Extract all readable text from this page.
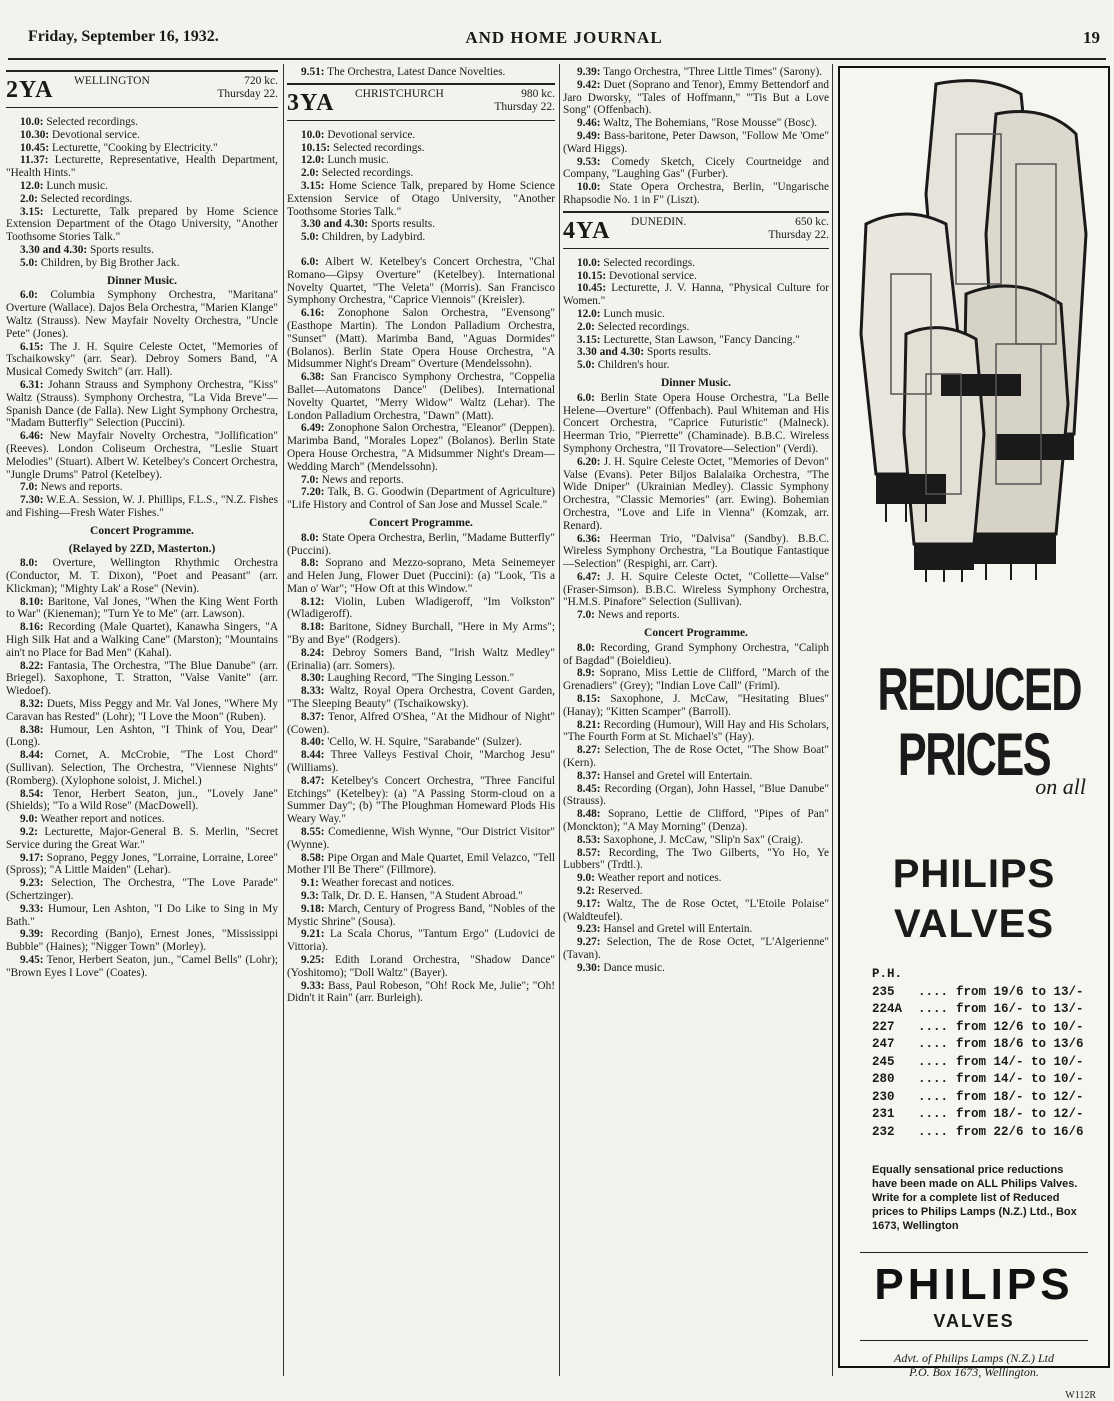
Friday, September 16, 1932.	AND HOME JOURNAL	19
2YA	WELLINGTON	720 kc.
Thursday 22.

10.0: Selected recordings.

10.30: Devotional service.

10.45: Lecturette, "Cooking by Electricity."

11.37: Lecturette, Representative, Health Department, "Health Hints."

12.0: Lunch music.

2.0: Selected recordings.

3.15: Lecturette, Talk prepared by Home Science Extension Department of the Otago University, "Another Toothsome Stories Talk."

3.30 and 4.30: Sports results.

5.0: Children, by Big Brother Jack.

Dinner Music.

6.0: Columbia Symphony Orchestra, "Maritana" Overture (Wallace). Dajos Bela Orchestra, "Marien Klange" Waltz (Strauss). New Mayfair Novelty Orchestra, "Uncle Pete" (Jones).

6.15: The J. H. Squire Celeste Octet, "Memories of Tschaikowsky" (arr. Sear). Debroy Somers Band, "A Musical Comedy Switch" (arr. Hall).

6.31: Johann Strauss and Symphony Orchestra, "Kiss" Waltz (Strauss). Symphony Orchestra, "La Vida Breve"—Spanish Dance (de Falla). New Light Symphony Orchestra, "Madam Butterfly" Selection (Puccini).

6.46: New Mayfair Novelty Orchestra, "Jollification" (Reeves). London Coliseum Orchestra, "Leslie Stuart Melodies" (Stuart). Albert W. Ketelbey's Concert Orchestra, "Jungle Drums" Patrol (Ketelbey).

7.0: News and reports.

7.30: W.E.A. Session, W. J. Phillips, F.L.S., "N.Z. Fishes and Fishing—Fresh Water Fishes."

Concert Programme.
(Relayed by 2ZD, Masterton.)

8.0: Overture, Wellington Rhythmic Orchestra (Conductor, M. T. Dixon), "Poet and Peasant" (arr. Klickman); "Mighty Lak' a Rose" (Nevin).

8.10: Baritone, Val Jones, "When the King Went Forth to War" (Kieneman); "Turn Ye to Me" (arr. Lawson).

8.16: Recording (Male Quartet), Kanawha Singers, "A High Silk Hat and a Walking Cane" (Marston); "Mountains ain't no Place for Bad Men" (Kahal).

8.22: Fantasia, The Orchestra, "The Blue Danube" (arr. Briegel). Saxophone, T. Stratton, "Valse Vanite" (arr. Wiedoef).

8.32: Duets, Miss Peggy and Mr. Val Jones, "Where My Caravan has Rested" (Lohr); "I Love the Moon" (Ruben).

8.38: Humour, Len Ashton, "I Think of You, Dear" (Long).

8.44: Cornet, A. McCrobie, "The Lost Chord" (Sullivan). Selection, The Orchestra, "Viennese Nights" (Romberg). (Xylophone soloist, J. Michel.)

8.54: Tenor, Herbert Seaton, jun., "Lovely Jane" (Shields); "To a Wild Rose" (MacDowell).

9.0: Weather report and notices.

9.2: Lecturette, Major-General B. S. Merlin, "Secret Service during the Great War."

9.17: Soprano, Peggy Jones, "Lorraine, Lorraine, Loree" (Spross); "A Little Maiden" (Lehar).

9.23: Selection, The Orchestra, "The Love Parade" (Schertzinger).

9.33: Humour, Len Ashton, "I Do Like to Sing in My Bath."

9.39: Recording (Banjo), Ernest Jones, "Mississippi Bubble" (Haines); "Nigger Town" (Morley).

9.45: Tenor, Herbert Seaton, jun., "Camel Bells" (Lohr); "Brown Eyes I Love" (Coates).

9.51: The Orchestra, Latest Dance Novelties.

3YA	CHRISTCHURCH	980 kc.
Thursday 22.

10.0: Devotional service.

10.15: Selected recordings.

12.0: Lunch music.

2.0: Selected recordings.

3.15: Home Science Talk, prepared by Home Science Extension Service of Otago University, "Another Toothsome Stories Talk."

3.30 and 4.30: Sports results.

5.0: Children, by Ladybird.

6.0: Albert W. Ketelbey's Concert Orchestra, "Chal Romano—Gipsy Overture" (Ketelbey). International Novelty Quartet, "The Veleta" (Morris). San Francisco Symphony Orchestra, "Caprice Viennois" (Kreisler).

6.16: Zonophone Salon Orchestra, "Evensong" (Easthope Martin). The London Palladium Orchestra, "Sunset" (Matt). Marimba Band, "Aguas Dormides" (Bolanos). Berlin State Opera House Orchestra, "A Midsummer Night's Dream" Overture (Mendelssohn).

6.38: San Francisco Symphony Orchestra, "Coppelia Ballet—Automatons Dance" (Delibes). International Novelty Quartet, "Merry Widow" Waltz (Lehar). The London Palladium Orchestra, "Dawn" (Matt).

6.49: Zonophone Salon Orchestra, "Eleanor" (Deppen). Marimba Band, "Morales Lopez" (Bolanos). Berlin State Opera House Orchestra, "A Midsummer Night's Dream—Wedding March" (Mendelssohn).

7.0: News and reports.

7.20: Talk, B. G. Goodwin (Department of Agriculture) "Life History and Control of San Jose and Mussel Scale."

Concert Programme.

8.0: State Opera Orchestra, Berlin, "Madame Butterfly" (Puccini).

8.8: Soprano and Mezzo-soprano, Meta Seinemeyer and Helen Jung, Flower Duet (Puccini): (a) "Look, 'Tis a Man o' War"; "How Oft at this Window."

8.12: Violin, Luben Wladigeroff, "Im Volkston" (Wladigeroff).

8.18: Baritone, Sidney Burchall, "Here in My Arms"; "By and Bye" (Rodgers).

8.24: Debroy Somers Band, "Irish Waltz Medley" (Erinalia) (arr. Somers).

8.30: Laughing Record, "The Singing Lesson."

8.33: Waltz, Royal Opera Orchestra, Covent Garden, "The Sleeping Beauty" (Tschaikowsky).

8.37: Tenor, Alfred O'Shea, "At the Midhour of Night" (Cowen).

8.40: 'Cello, W. H. Squire, "Sarabande" (Sulzer).

8.44: Three Valleys Festival Choir, "Marchog Jesu" (Williams).

8.47: Ketelbey's Concert Orchestra, "Three Fanciful Etchings" (Ketelbey): (a) "A Passing Storm-cloud on a Summer Day"; (b) "The Ploughman Homeward Plods His Weary Way."

8.55: Comedienne, Wish Wynne, "Our District Visitor" (Wynne).

8.58: Pipe Organ and Male Quartet, Emil Velazco, "Tell Mother I'll Be There" (Fillmore).

9.1: Weather forecast and notices.

9.3: Talk, Dr. D. E. Hansen, "A Student Abroad."

9.18: March, Century of Progress Band, "Nobles of the Mystic Shrine" (Sousa).

9.21: La Scala Chorus, "Tantum Ergo" (Ludovici de Vittoria).

9.25: Edith Lorand Orchestra, "Shadow Dance" (Yoshitomo); "Doll Waltz" (Bayer).

9.33: Bass, Paul Robeson, "Oh! Rock Me, Julie"; "Oh! Didn't it Rain" (arr. Burleigh).

9.39: Tango Orchestra, "Three Little Times" (Sarony).

9.42: Duet (Soprano and Tenor), Emmy Bettendorf and Jaro Dworsky, "Tales of Hoffmann," "'Tis But a Love Song" (Offenbach).

9.46: Waltz, The Bohemians, "Rose Mousse" (Bosc).

9.49: Bass-baritone, Peter Dawson, "Follow Me 'Ome" (Ward Higgs).

9.53: Comedy Sketch, Cicely Courtneidge and Company, "Laughing Gas" (Furber).

10.0: State Opera Orchestra, Berlin, "Ungarische Rhapsodie No. 1 in F" (Liszt).

4YA	DUNEDIN.	650 kc.
Thursday 22.

10.0: Selected recordings.

10.15: Devotional service.

10.45: Lecturette, J. V. Hanna, "Physical Culture for Women."

12.0: Lunch music.

2.0: Selected recordings.

3.15: Lecturette, Stan Lawson, "Fancy Dancing."

3.30 and 4.30: Sports results.

5.0: Children's hour.

Dinner Music.

6.0: Berlin State Opera House Orchestra, "La Belle Helene—Overture" (Offenbach). Paul Whiteman and His Concert Orchestra, "Caprice Futuristic" (Malneck). Heerman Trio, "Pierrette" (Chaminade). B.B.C. Wireless Symphony Orchestra, "Il Trovatore—Selection" (Verdi).

6.20: J. H. Squire Celeste Octet, "Memories of Devon" Valse (Evans). Peter Biljos Balalaika Orchestra, "The Wide Dniper" (Ukrainian Medley). Classic Symphony Orchestra, "Classic Memories" (arr. Ewing). Bohemian Orchestra, "Love and Life in Vienna" (Komzak, arr. Renard).

6.36: Heerman Trio, "Dalvisa" (Sandby). B.B.C. Wireless Symphony Orchestra, "La Boutique Fantastique—Selection" (Respighi, arr. Carr).

6.47: J. H. Squire Celeste Octet, "Collette—Valse" (Fraser-Simson). B.B.C. Wireless Symphony Orchestra, "H.M.S. Pinafore" Selection (Sullivan).

7.0: News and reports.

Concert Programme.

8.0: Recording, Grand Symphony Orchestra, "Caliph of Bagdad" (Boieldieu).

8.9: Soprano, Miss Lettie de Clifford, "March of the Grenadiers" (Grey); "Indian Love Call" (Friml).

8.15: Saxophone, J. McCaw, "Hesitating Blues" (Hanay); "Kitten Scamper" (Barroll).

8.21: Recording (Humour), Will Hay and His Scholars, "The Fourth Form at St. Michael's" (Hay).

8.27: Selection, The de Rose Octet, "The Show Boat" (Kern).

8.37: Hansel and Gretel will Entertain.

8.45: Recording (Organ), John Hassel, "Blue Danube" (Strauss).

8.48: Soprano, Lettie de Clifford, "Pipes of Pan" (Monckton); "A May Morning" (Denza).

8.53: Saxophone, J. McCaw, "Slip'n Sax" (Craig).

8.57: Recording, The Two Gilberts, "Yo Ho, Ye Lubbers" (Trdtl.).

9.0: Weather report and notices.

9.2: Reserved.

9.17: Waltz, The de Rose Octet, "L'Etoile Polaise" (Waldteufel).

9.23: Hansel and Gretel will Entertain.

9.27: Selection, The de Rose Octet, "L'Algerienne" (Tavan).

9.30: Dance music.

REDUCED
PRICES
on all
PHILIPS
VALVES
P.H.
235	.... from 19/6 to 13/-
224A	.... from 16/- to 13/-
227	.... from 12/6 to 10/-
247	.... from 18/6 to 13/6
245	.... from 14/- to 10/-
280	.... from 14/- to 10/-
230	.... from 18/- to 12/-
231	.... from 18/- to 12/-
232	.... from 22/6 to 16/6
Equally sensational price reductions have been made on ALL Philips Valves. Write for a complete list of Reduced prices to Philips Lamps (N.Z.) Ltd., Box 1673, Wellington
PHILIPS
VALVES
Advt. of Philips Lamps (N.Z.) Ltd
P.O. Box 1673, Wellington.
W112R
